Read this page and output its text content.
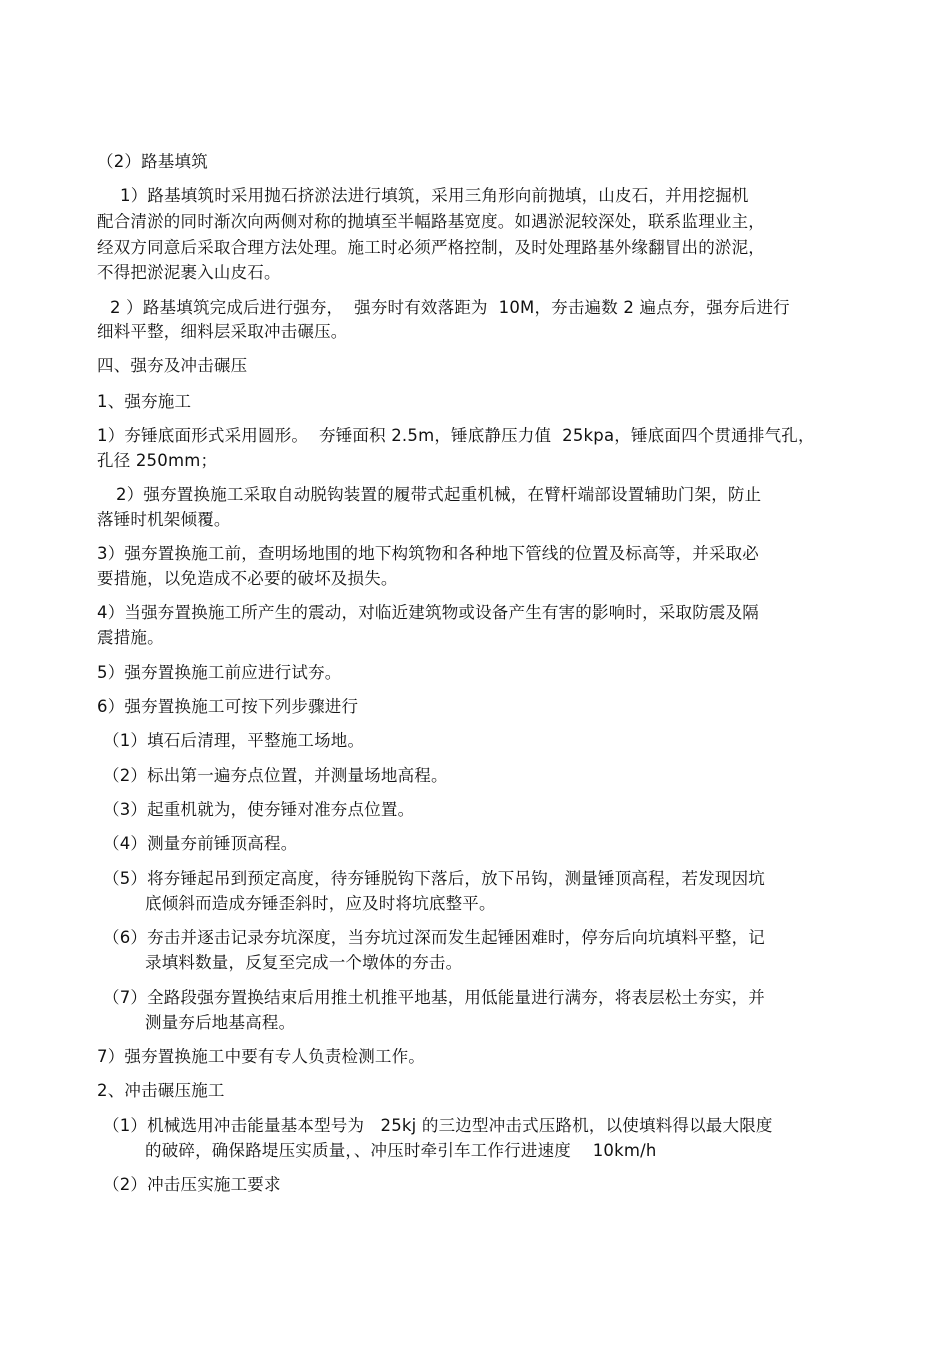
（2）路基填筑
1）路基填筑时采用抛石挤淤法进行填筑，采用三角形向前抛填，山皮石，并用挖掘机
配合清淤的同时渐次向两侧对称的抛填至半幅路基宽度。如遇淤泥较深处，联系监理业主，
经双方同意后采取合理方法处理。施工时必须严格控制，及时处理路基外缘翻冒出的淤泥，
不得把淤泥裹入山皮石。
2 ）路基填筑完成后进行强夯，  强夯时有效落距为  10M，夯击遍数 2 遍点夯，强夯后进行
细料平整，细料层采取冲击碾压。
四、强夯及冲击碾压
1、强夯施工
1）夯锤底面形式采用圆形。  夯锤面积 2.5m，锤底静压力值  25kpa，锤底面四个贯通排气孔，
孔径 250mm；
2）强夯置换施工采取自动脱钩装置的履带式起重机械，在臂杆端部设置辅助门架，防止
落锤时机架倾覆。
3）强夯置换施工前，查明场地围的地下构筑物和各种地下管线的位置及标高等，并采取必
要措施，以免造成不必要的破坏及损失。
4）当强夯置换施工所产生的震动，对临近建筑物或设备产生有害的影响时，采取防震及隔
震措施。
5）强夯置换施工前应进行试夯。
6）强夯置换施工可按下列步骤进行
（1）填石后清理，平整施工场地。
（2）标出第一遍夯点位置，并测量场地高程。
（3）起重机就为，使夯锤对准夯点位置。
（4）测量夯前锤顶高程。
（5）将夯锤起吊到预定高度，待夯锤脱钩下落后，放下吊钩，测量锤顶高程，若发现因坑
底倾斜而造成夯锤歪斜时，应及时将坑底整平。
（6）夯击并逐击记录夯坑深度，当夯坑过深而发生起锤困难时，停夯后向坑填料平整，记
录填料数量，反复至完成一个墩体的夯击。
（7）全路段强夯置换结束后用推土机推平地基，用低能量进行满夯，将表层松土夯实，并
测量夯后地基高程。
7）强夯置换施工中要有专人负责检测工作。
2、冲击碾压施工
（1）机械选用冲击能量基本型号为   25kj 的三边型冲击式压路机，以使填料得以最大限度
的破碎，确保路堤压实质量，、冲压时牵引车工作行进速度    10km/h
（2）冲击压实施工要求
